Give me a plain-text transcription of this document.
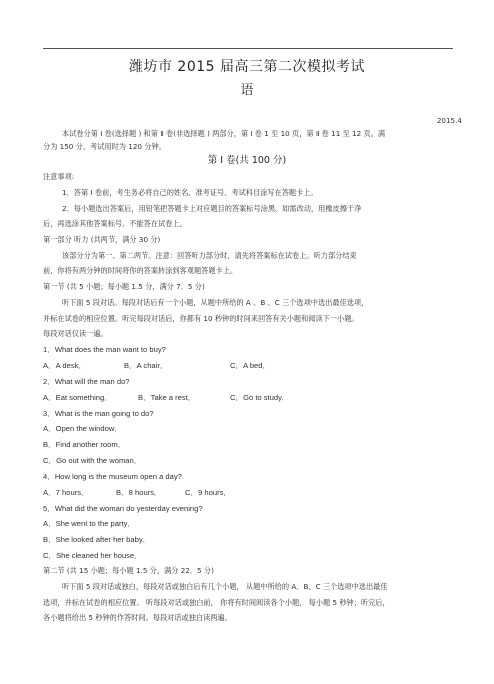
潍坊市 2015 届高三第二次模拟考试
语
2015.4
本试卷分第 Ⅰ 卷(选择题 ) 和第 Ⅱ 卷(非选择题 ) 两部分，第 Ⅰ 卷 1 至 10 页，第 Ⅱ 卷 11 至 12 页。满
分为 150 分。考试用时为 120 分钟。
第 Ⅰ 卷(共 100 分)
注意事项:
1．答第 Ⅰ 卷前，考生务必将自己的姓名、准考证号、考试科目涂写在答题卡上。
2．每小题选出答案后，用铅笔把答题卡上对应题目的答案标号涂黑。如需改动，用橡皮擦干净
后，再选涂其他答案标号。不能答在试卷上。
第一部分 听力 (共两节，满分 30 分)
该部分分为第一、第二两节。注意：回答听力部分时，请先将答案标在试卷上。听力部分结束
前，你将有两分钟的时间将你的答案转涂到客观题答题卡上。
第一节 (共 5 小题；每小题 1.5 分，满分 7．5 分)
听下面 5 段对话。每段对话后有一个小题，从题中所给的 A 、B 、C 三个选项中选出最佳选项，
并标在试卷的相应位置。听完每段对话后，你都有 10 秒钟的时间来回答有关小题和阅读下一小题。
每段对话仅读一遍。
1．What does the man want to buy?
A．A desk．	B．A chair．	C．A bed．
2．What will the man do?
A．Eat something．	B．Take a rest．	C．Go to study.
3．What is the man going to do?
A．Open the window．
B．Find another room．
C．Go out with the woman．
4．How long is the museum open a day?
A．7 hours．	B．8 hours．	C．9 hours．
5．What did the woman do yesterday evening?
A．She went to the party．
B．She looked after her baby．
C．She cleaned her house．
第二节 (共 15 小题；每小题 1.5 分，满分 22．5 分)
听下面 5 段对话或独白，每段对话或独白后有几个小题， 从题中所给的 A、B、C 三个选项中选出最佳
选项，并标在试卷的相应位置。 听每段对话或独白前， 你将有时间阅读各个小题， 每小题 5 秒钟；听完后，
各小题将给出 5 秒钟的作答时间。每段对话或独白读两遍。
